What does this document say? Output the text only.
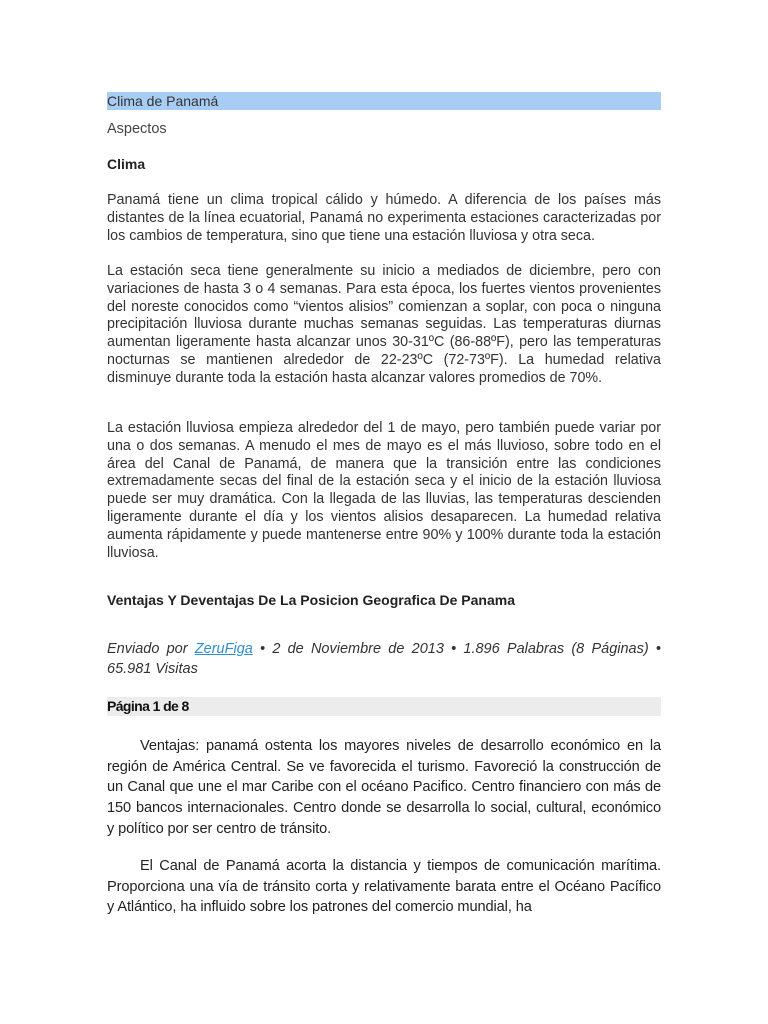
Clima de Panamá
Aspectos
Clima

Panamá tiene un clima tropical cálido y húmedo. A diferencia de los países más distantes de la línea ecuatorial, Panamá no experimenta estaciones caracterizadas por los cambios de temperatura, sino que tiene una estación lluviosa y otra seca.

La estación seca tiene generalmente su inicio a mediados de diciembre, pero con variaciones de hasta 3 o 4 semanas. Para esta época, los fuertes vientos provenientes del noreste conocidos como “vientos alisios” comienzan a soplar, con poca o ninguna precipitación lluviosa durante muchas semanas seguidas. Las temperaturas diurnas aumentan ligeramente hasta alcanzar unos 30-31ºC (86-88ºF), pero las temperaturas nocturnas se mantienen alrededor de 22-23ºC (72-73ºF). La humedad relativa disminuye durante toda la estación hasta alcanzar valores promedios de 70%.

La estación lluviosa empieza alrededor del 1 de mayo, pero también puede variar por una o dos semanas. A menudo el mes de mayo es el más lluvioso, sobre todo en el área del Canal de Panamá, de manera que la transición entre las condiciones extremadamente secas del final de la estación seca y el inicio de la estación lluviosa puede ser muy dramática. Con la llegada de las lluvias, las temperaturas descienden ligeramente durante el día y los vientos alisios desaparecen. La humedad relativa aumenta rápidamente y puede mantenerse entre 90% y 100% durante toda la estación lluviosa.

Ventajas Y Deventajas De La Posicion Geografica De Panama
Enviado por ZeruFiga • 2 de Noviembre de 2013 • 1.896 Palabras (8 Páginas) • 65.981 Visitas
Página 1 de 8

Ventajas: panamá ostenta los mayores niveles de desarrollo económico en la región de América Central. Se ve favorecida el turismo. Favoreció la construcción de un Canal que une el mar Caribe con el océano Pacifico. Centro financiero con más de 150 bancos internacionales. Centro donde se desarrolla lo social, cultural, económico y político por ser centro de tránsito.

El Canal de Panamá acorta la distancia y tiempos de comunicación marítima. Proporciona una vía de tránsito corta y relativamente barata entre el Océano Pacífico y Atlántico, ha influido sobre los patrones del comercio mundial, ha
